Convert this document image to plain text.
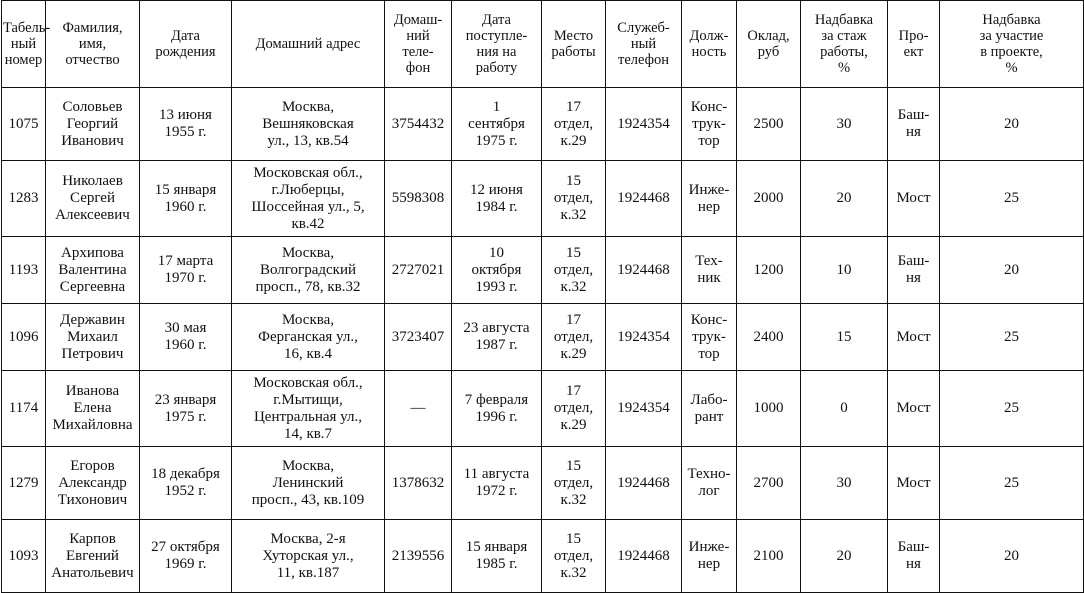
Табель-
ный
номер	Фамилия,
имя,
отчество	Дата
рождения	Домашний адрес	Домаш-
ний
теле-
фон	Дата
поступле-
ния на
работу	Место
работы	Служеб-
ный
телефон	Долж-
ность	Оклад,
руб	Надбавка
за стаж
работы,
%	Про-
ект	Надбавка
за участие
в проекте,
%
1075	Соловьев
Георгий
Иванович	13 июня
1955 г.	Москва,
Вешняковская
ул., 13, кв.54	3754432	1
сентября
1975 г.	17
отдел,
к.29	1924354	Конс-
трук-
тор	2500	30	Баш-
ня	20
1283	Николаев
Сергей
Алексеевич	15 января
1960 г.	Московская обл.,
г.Люберцы,
Шоссейная ул., 5,
кв.42	5598308	12 июня
1984 г.	15
отдел,
к.32	1924468	Инже-
нер	2000	20	Мост	25
1193	Архипова
Валентина
Сергеевна	17 марта
1970 г.	Москва,
Волгоградский
просп., 78, кв.32	2727021	10
октября
1993 г.	15
отдел,
к.32	1924468	Тех-
ник	1200	10	Баш-
ня	20
1096	Державин
Михаил
Петрович	30 мая
1960 г.	Москва,
Ферганская ул.,
16, кв.4	3723407	23 августа
1987 г.	17
отдел,
к.29	1924354	Конс-
трук-
тор	2400	15	Мост	25
1174	Иванова
Елена
Михайловна	23 января
1975 г.	Московская обл.,
г.Мытищи,
Центральная ул.,
14, кв.7	—	7 февраля
1996 г.	17
отдел,
к.29	1924354	Лабо-
рант	1000	0	Мост	25
1279	Егоров
Александр
Тихонович	18 декабря
1952 г.	Москва,
Ленинский
просп., 43, кв.109	1378632	11 августа
1972 г.	15
отдел,
к.32	1924468	Техно-
лог	2700	30	Мост	25
1093	Карпов
Евгений
Анатольевич	27 октября
1969 г.	Москва, 2-я
Хуторская ул.,
11, кв.187	2139556	15 января
1985 г.	15
отдел,
к.32	1924468	Инже-
нер	2100	20	Баш-
ня	20
